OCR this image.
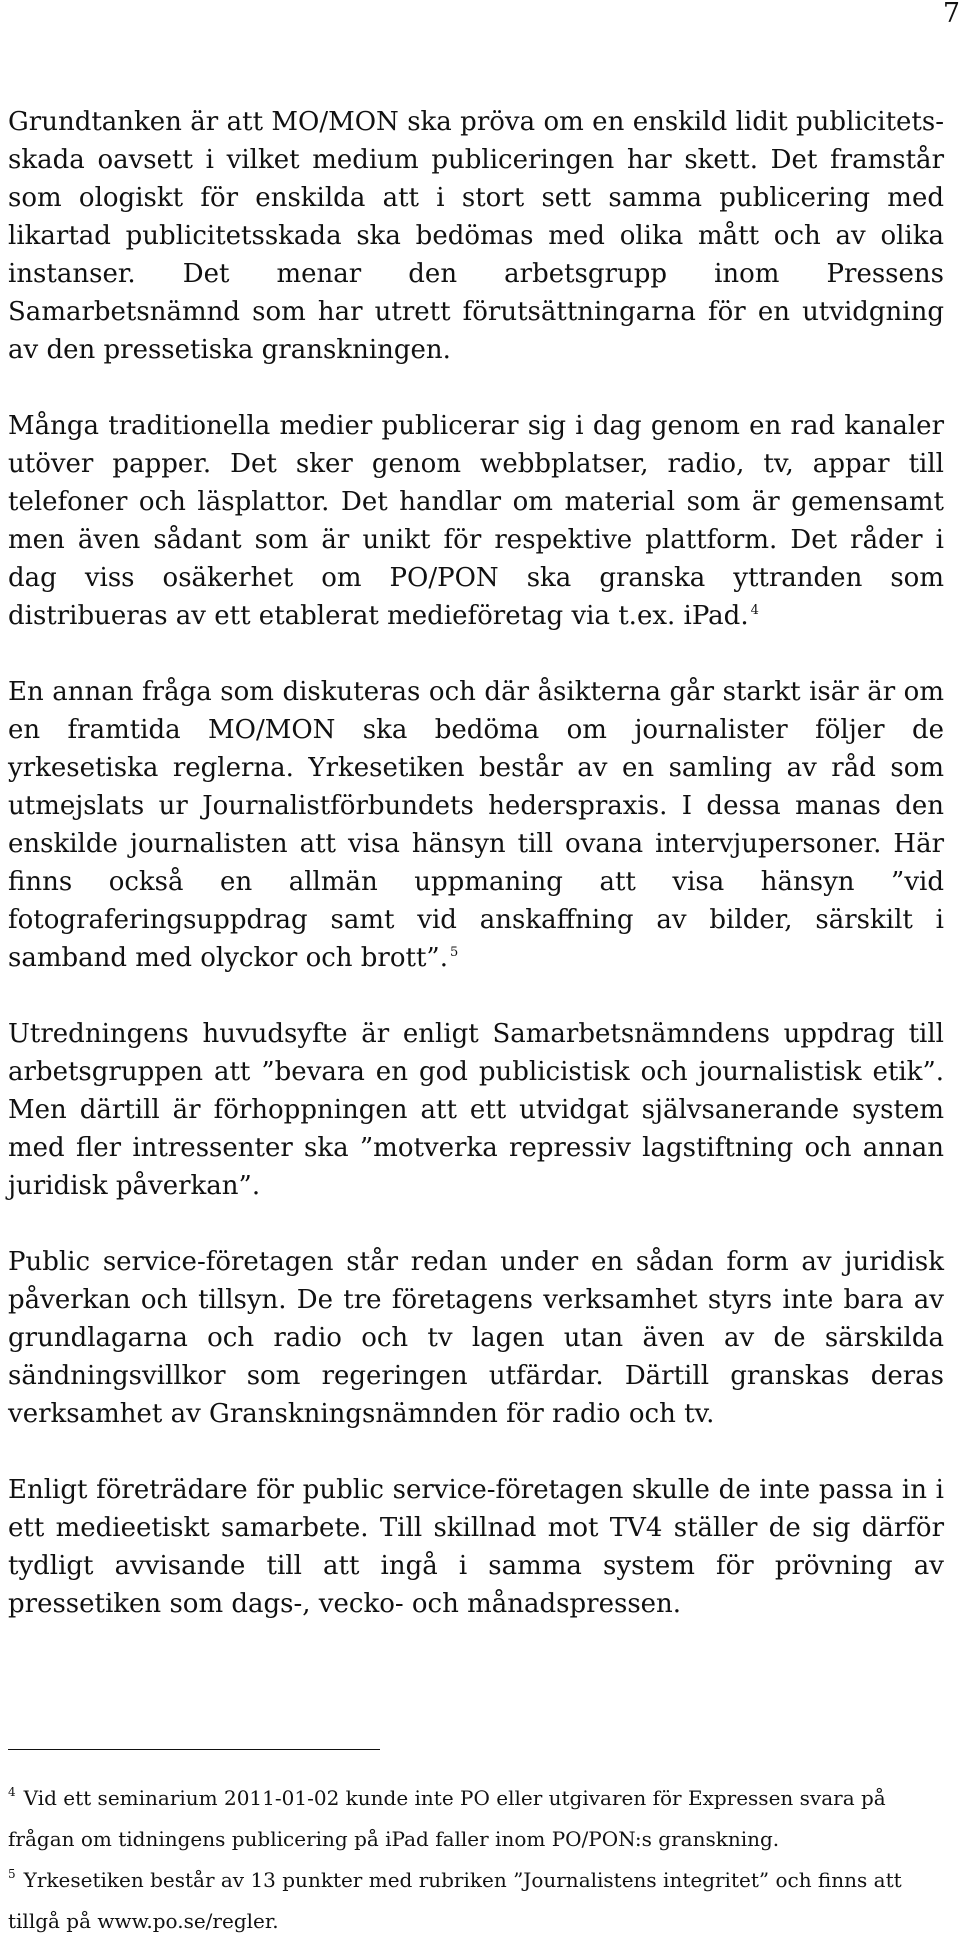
7

Grundtanken är att MO/MON ska pröva om en enskild lidit publicitetsskada oavsett i vilket medium publiceringen har skett. Det framstår som ologiskt för enskilda att i stort sett samma publicering med likartad publicitetsskada ska bedömas med olika mått och av olika instanser. Det menar den arbetsgrupp inom Pressens Samarbetsnämnd som har utrett förutsättningarna för en utvidgning av den pressetiska granskningen.

Många traditionella medier publicerar sig i dag genom en rad kanaler utöver papper. Det sker genom webbplatser, radio, tv, appar till telefoner och läsplattor. Det handlar om material som är gemensamt men även sådant som är unikt för respektive plattform. Det råder i dag viss osäkerhet om PO/PON ska granska yttranden som distribueras av ett etablerat medieföretag via t.ex. iPad. $^4$

En annan fråga som diskuteras och där åsikterna går starkt isär är om en framtida MO/MON ska bedöma om journalister följer de yrkesetiska reglerna. Yrkesetiken består av en samling av råd som utmejslats ur Journalistförbundets hederspraxis. I dessa manas den enskilde journalisten att visa hänsyn till ovana intervjupersoner. Här finns också en allmän uppmaning att visa hänsyn ”vid fotograferingsuppdrag samt vid anskaffning av bilder, särskilt i samband med olyckor och brott”. $^5$

Utredningens huvudsyfte är enligt Samarbetsnämndens uppdrag till arbetsgruppen att ”bevara en god publicistisk och journalistisk etik”. Men därtill är förhoppningen att ett utvidgat självsanerande system med fler intressenter ska ”motverka repressiv lagstiftning och annan juridisk påverkan”.

Public service-företagen står redan under en sådan form av juridisk påverkan och tillsyn. De tre företagens verksamhet styrs inte bara av grundlagarna och radio och tv lagen utan även av de särskilda sändningsvillkor som regeringen utfärdar. Därtill granskas deras verksamhet av Granskningsnämnden för radio och tv.

Enligt företrädare för public service-företagen skulle de inte passa in i ett medieetiskt samarbete. Till skillnad mot TV4 ställer de sig därför tydligt avvisande till att ingå i samma system för prövning av pressetiken som dags-, vecko- och månadspressen.

$^4$ Vid ett seminarium 2011-01-02 kunde inte PO eller utgivaren för Expressen svara på frågan om tidningens publicering på iPad faller inom PO/PON:s granskning.

$^5$ Yrkesetiken består av 13 punkter med rubriken ”Journalistens integritet” och finns att tillgå på www.po.se/regler.
